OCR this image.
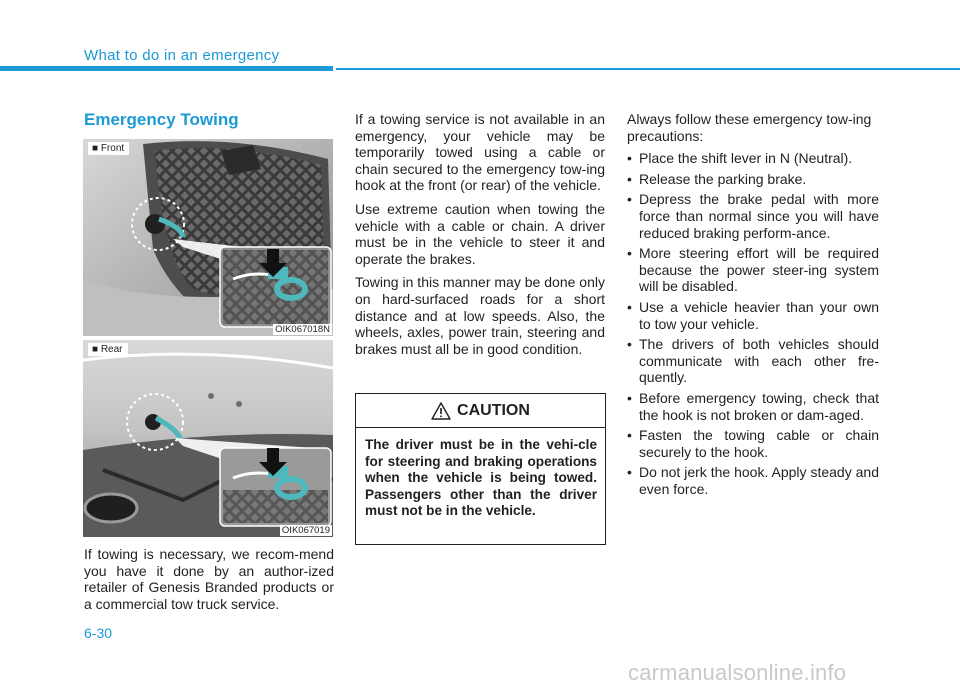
What to do in an emergency
Emergency Towing
■ Front
OIK067018N
■ Rear
OIK067019

If towing is necessary, we recom-mend you have it done by an author-ized retailer of Genesis Branded products or a commercial tow truck service.

If a towing service is not available in an emergency, your vehicle may be temporarily towed using a cable or chain secured to the emergency tow-ing hook at the front (or rear) of the vehicle.

Use extreme caution when towing the vehicle with a cable or chain. A driver must be in the vehicle to steer it and operate the brakes.

Towing in this manner may be done only on hard-surfaced roads for a short distance and at low speeds. Also, the wheels, axles, power train, steering and brakes must all be in good condition.

CAUTION
The driver must be in the vehi-cle for steering and braking operations when the vehicle is being towed. Passengers other than the driver must not be in the vehicle.

Always follow these emergency tow-ing precautions:

• Place the shift lever in N (Neutral).
• Release the parking brake.
• Depress the brake pedal with more force than normal since you will have reduced braking perform-ance.
• More steering effort will be required because the power steer-ing system will be disabled.
• Use a vehicle heavier than your own to tow your vehicle.
• The drivers of both vehicles should communicate with each other fre-quently.
• Before emergency towing, check that the hook is not broken or dam-aged.
• Fasten the towing cable or chain securely to the hook.
• Do not jerk the hook. Apply steady and even force.
6-30
carmanualsonline.info
